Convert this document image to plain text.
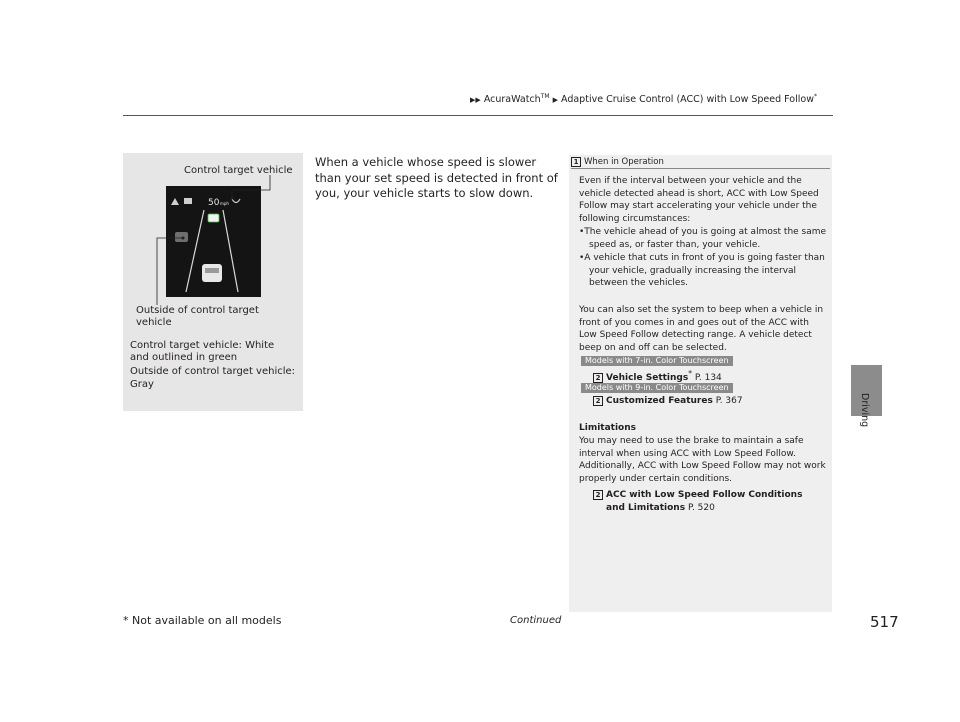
▶▶ AcuraWatch™ ▶ Adaptive Cruise Control (ACC) with Low Speed Follow*
Driving
50 mph
Control target vehicle
Outside of control target
vehicle
Control target vehicle: White
and outlined in green
Outside of control target vehicle:
Gray
When a vehicle whose speed is slower than your set speed is detected in front of you, your vehicle starts to slow down.
1 When in Operation
Even if the interval between your vehicle and the vehicle detected ahead is short, ACC with Low Speed Follow may start accelerating your vehicle under the following circumstances:
•The vehicle ahead of you is going at almost the same speed as, or faster than, your vehicle.
•A vehicle that cuts in front of you is going faster than your vehicle, gradually increasing the interval between the vehicles.
You can also set the system to beep when a vehicle in front of you comes in and goes out of the ACC with Low Speed Follow detecting range. A vehicle detect beep on and off can be selected.
Models with 7-in. Color Touchscreen
2 Vehicle Settings* P. 134
Models with 9-in. Color Touchscreen
2 Customized Features P. 367
Limitations
You may need to use the brake to maintain a safe interval when using ACC with Low Speed Follow. Additionally, ACC with Low Speed Follow may not work properly under certain conditions.
2 ACC with Low Speed Follow Conditions
and Limitations P. 520
* Not available on all models	Continued	517
